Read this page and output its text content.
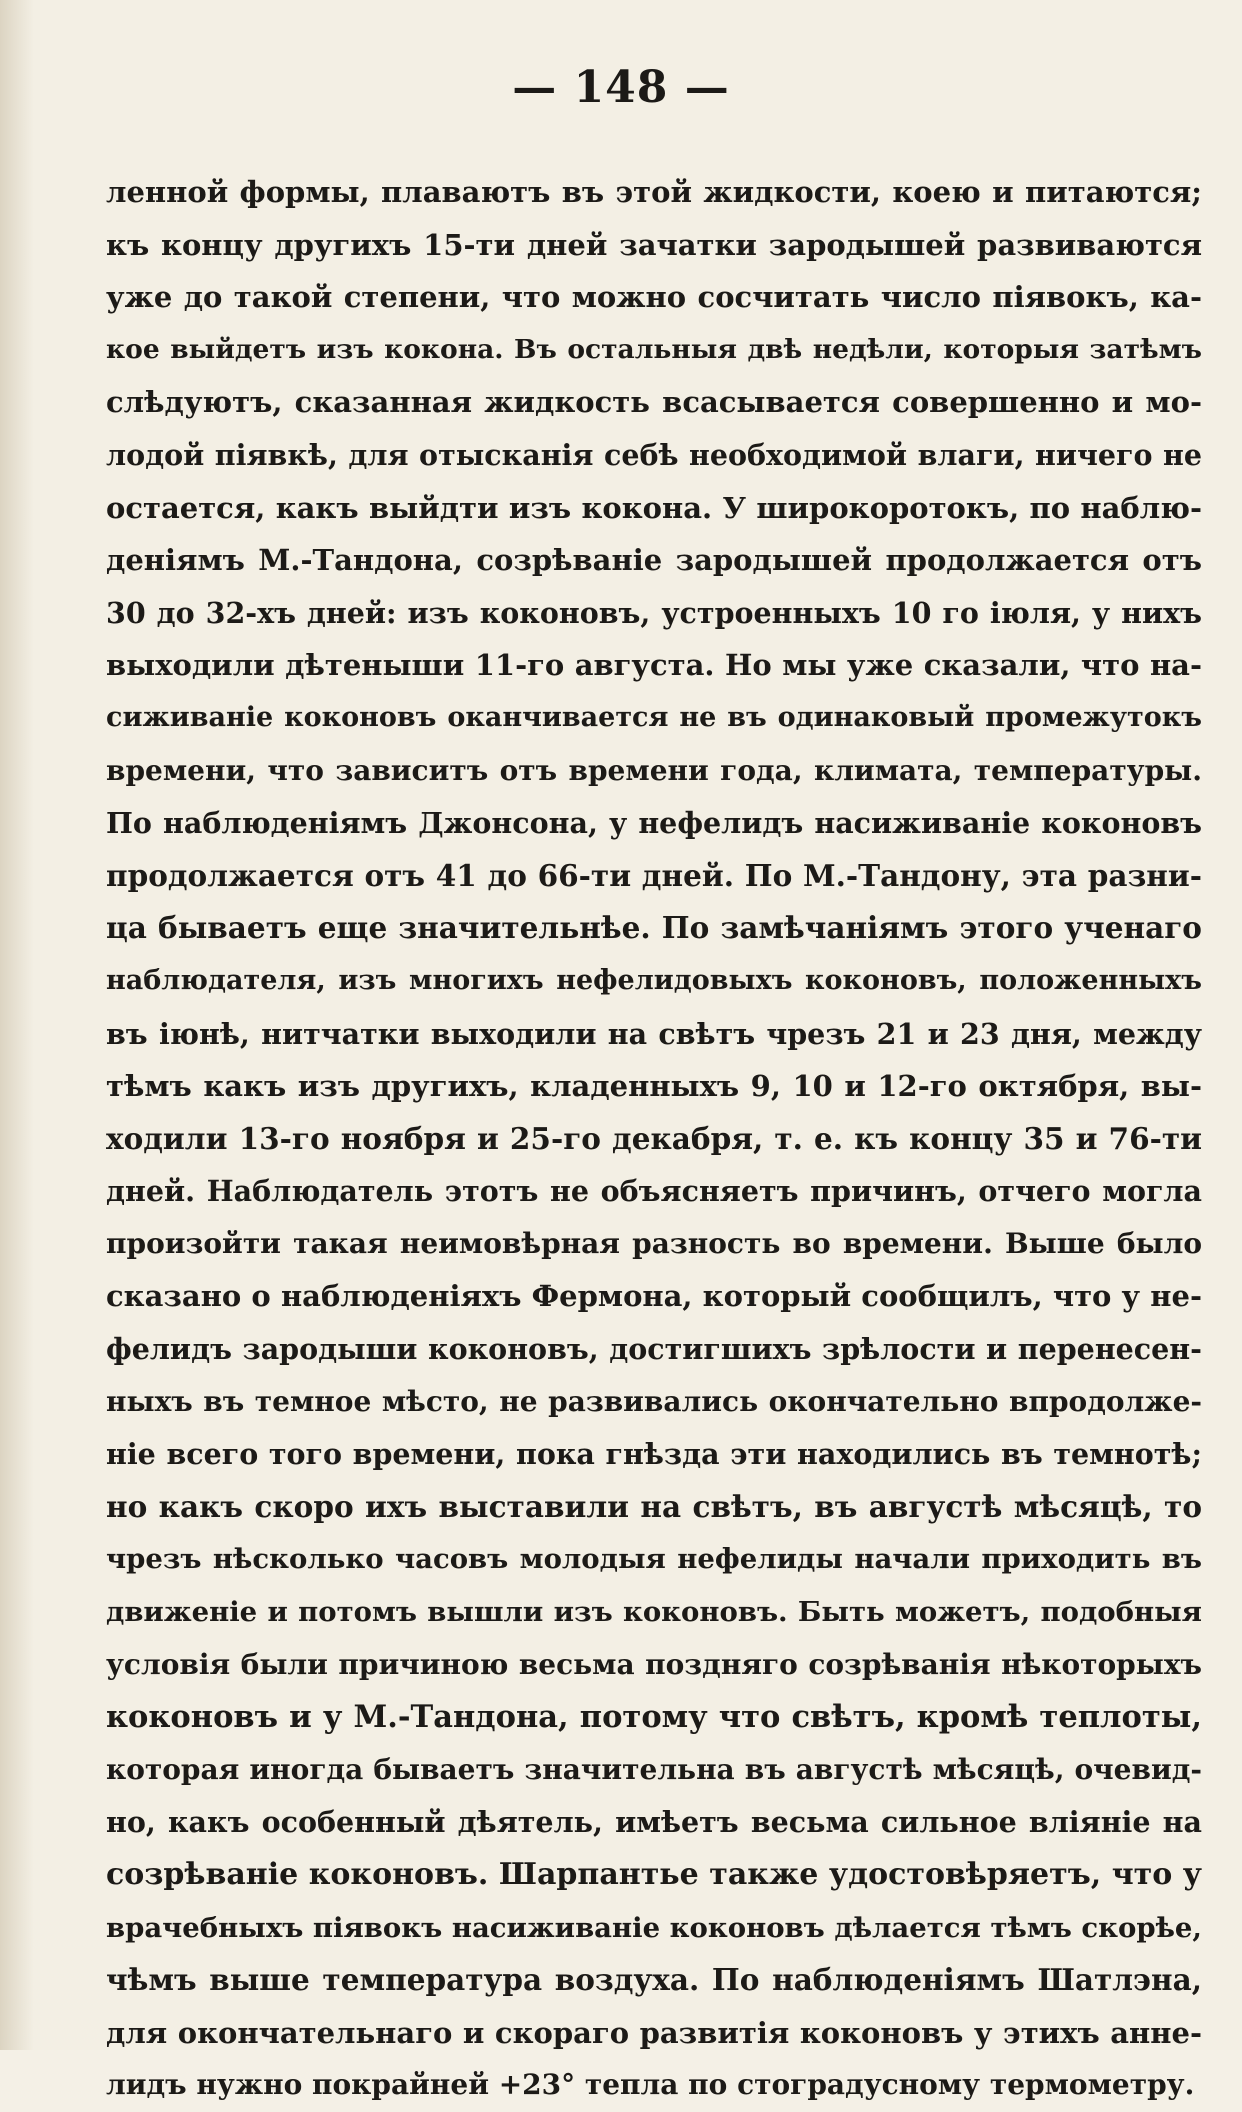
— 148 —
ленной формы, плаваютъ въ этой жидкости, коею и питаются;
къ концу другихъ 15-ти дней зачатки зародышей развиваются
уже до такой степени, что можно сосчитать число піявокъ, ка-
кое выйдетъ изъ кокона. Въ остальныя двѣ недѣли, которыя затѣмъ
слѣдуютъ, сказанная жидкость всасывается совершенно и мо-
лодой піявкѣ, для отысканія себѣ необходимой влаги, ничего не
остается, какъ выйдти изъ кокона. У широкоротокъ, по наблю-
деніямъ М.-Тандона, созрѣваніе зародышей продолжается отъ
30 до 32-хъ дней: изъ коконовъ, устроенныхъ 10 го іюля, у нихъ
выходили дѣтеныши 11-го августа. Но мы уже сказали, что на-
сиживаніе коконовъ оканчивается не въ одинаковый промежутокъ
времени, что зависитъ отъ времени года, климата, температуры.
По наблюденіямъ Джонсона, у нефелидъ насиживаніе коконовъ
продолжается отъ 41 до 66-ти дней. По М.-Тандону, эта разни-
ца бываетъ еще значительнѣе. По замѣчаніямъ этого ученаго
наблюдателя, изъ многихъ нефелидовыхъ коконовъ, положенныхъ
въ іюнѣ, нитчатки выходили на свѣтъ чрезъ 21 и 23 дня, между
тѣмъ какъ изъ другихъ, кладенныхъ 9, 10 и 12-го октября, вы-
ходили 13-го ноября и 25-го декабря, т. е. къ концу 35 и 76-ти
дней. Наблюдатель этотъ не объясняетъ причинъ, отчего могла
произойти такая неимовѣрная разность во времени. Выше было
сказано о наблюденіяхъ Фермона, который сообщилъ, что у не-
фелидъ зародыши коконовъ, достигшихъ зрѣлости и перенесен-
ныхъ въ темное мѣсто, не развивались окончательно впродолже-
ніе всего того времени, пока гнѣзда эти находились въ темнотѣ;
но какъ скоро ихъ выставили на свѣтъ, въ августѣ мѣсяцѣ, то
чрезъ нѣсколько часовъ молодыя нефелиды начали приходить въ
движеніе и потомъ вышли изъ коконовъ. Быть можетъ, подобныя
условія были причиною весьма поздняго созрѣванія нѣкоторыхъ
коконовъ и у М.-Тандона, потому что свѣтъ, кромѣ теплоты,
которая иногда бываетъ значительна въ августѣ мѣсяцѣ, очевид-
но, какъ особенный дѣятель, имѣетъ весьма сильное вліяніе на
созрѣваніе коконовъ. Шарпантье также удостовѣряетъ, что у
врачебныхъ піявокъ насиживаніе коконовъ дѣлается тѣмъ скорѣе,
чѣмъ выше температура воздуха. По наблюденіямъ Шатлэна,
для окончательнаго и скораго развитія коконовъ у этихъ анне-
лидъ нужно покрайней +23° тепла по стоградусному термометру.
